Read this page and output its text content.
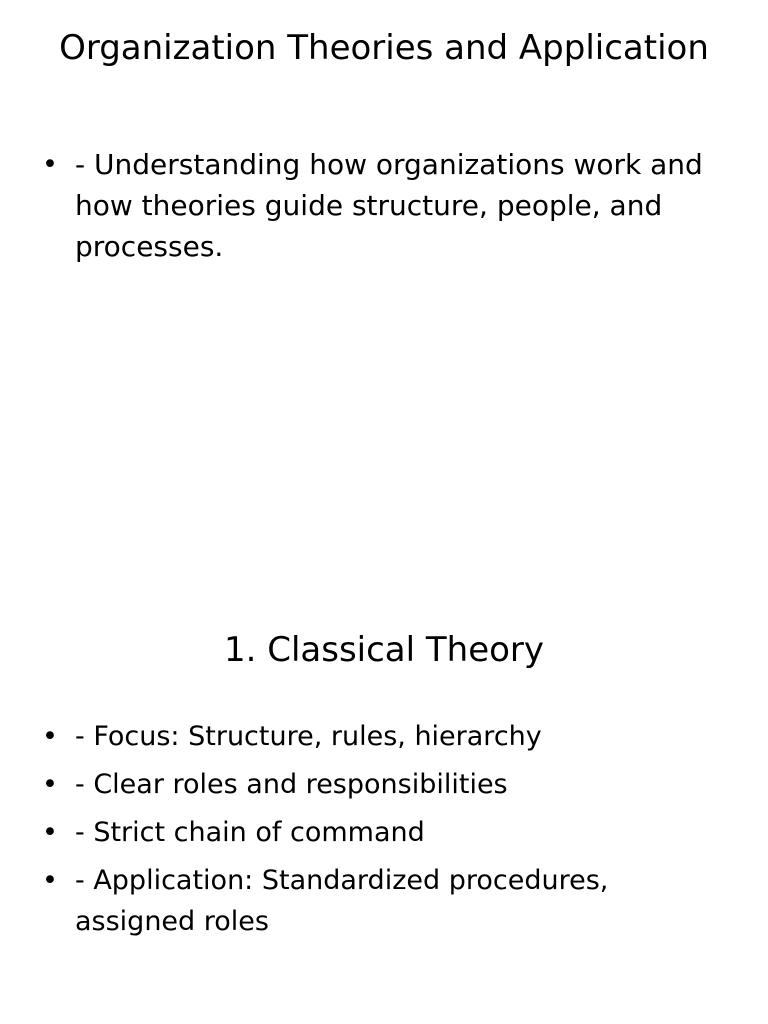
Organization Theories and Application
• - Understanding how organizations work and how theories guide structure, people, and processes.
1. Classical Theory
• - Focus: Structure, rules, hierarchy
• - Clear roles and responsibilities
• - Strict chain of command
• - Application: Standardized procedures, assigned roles
